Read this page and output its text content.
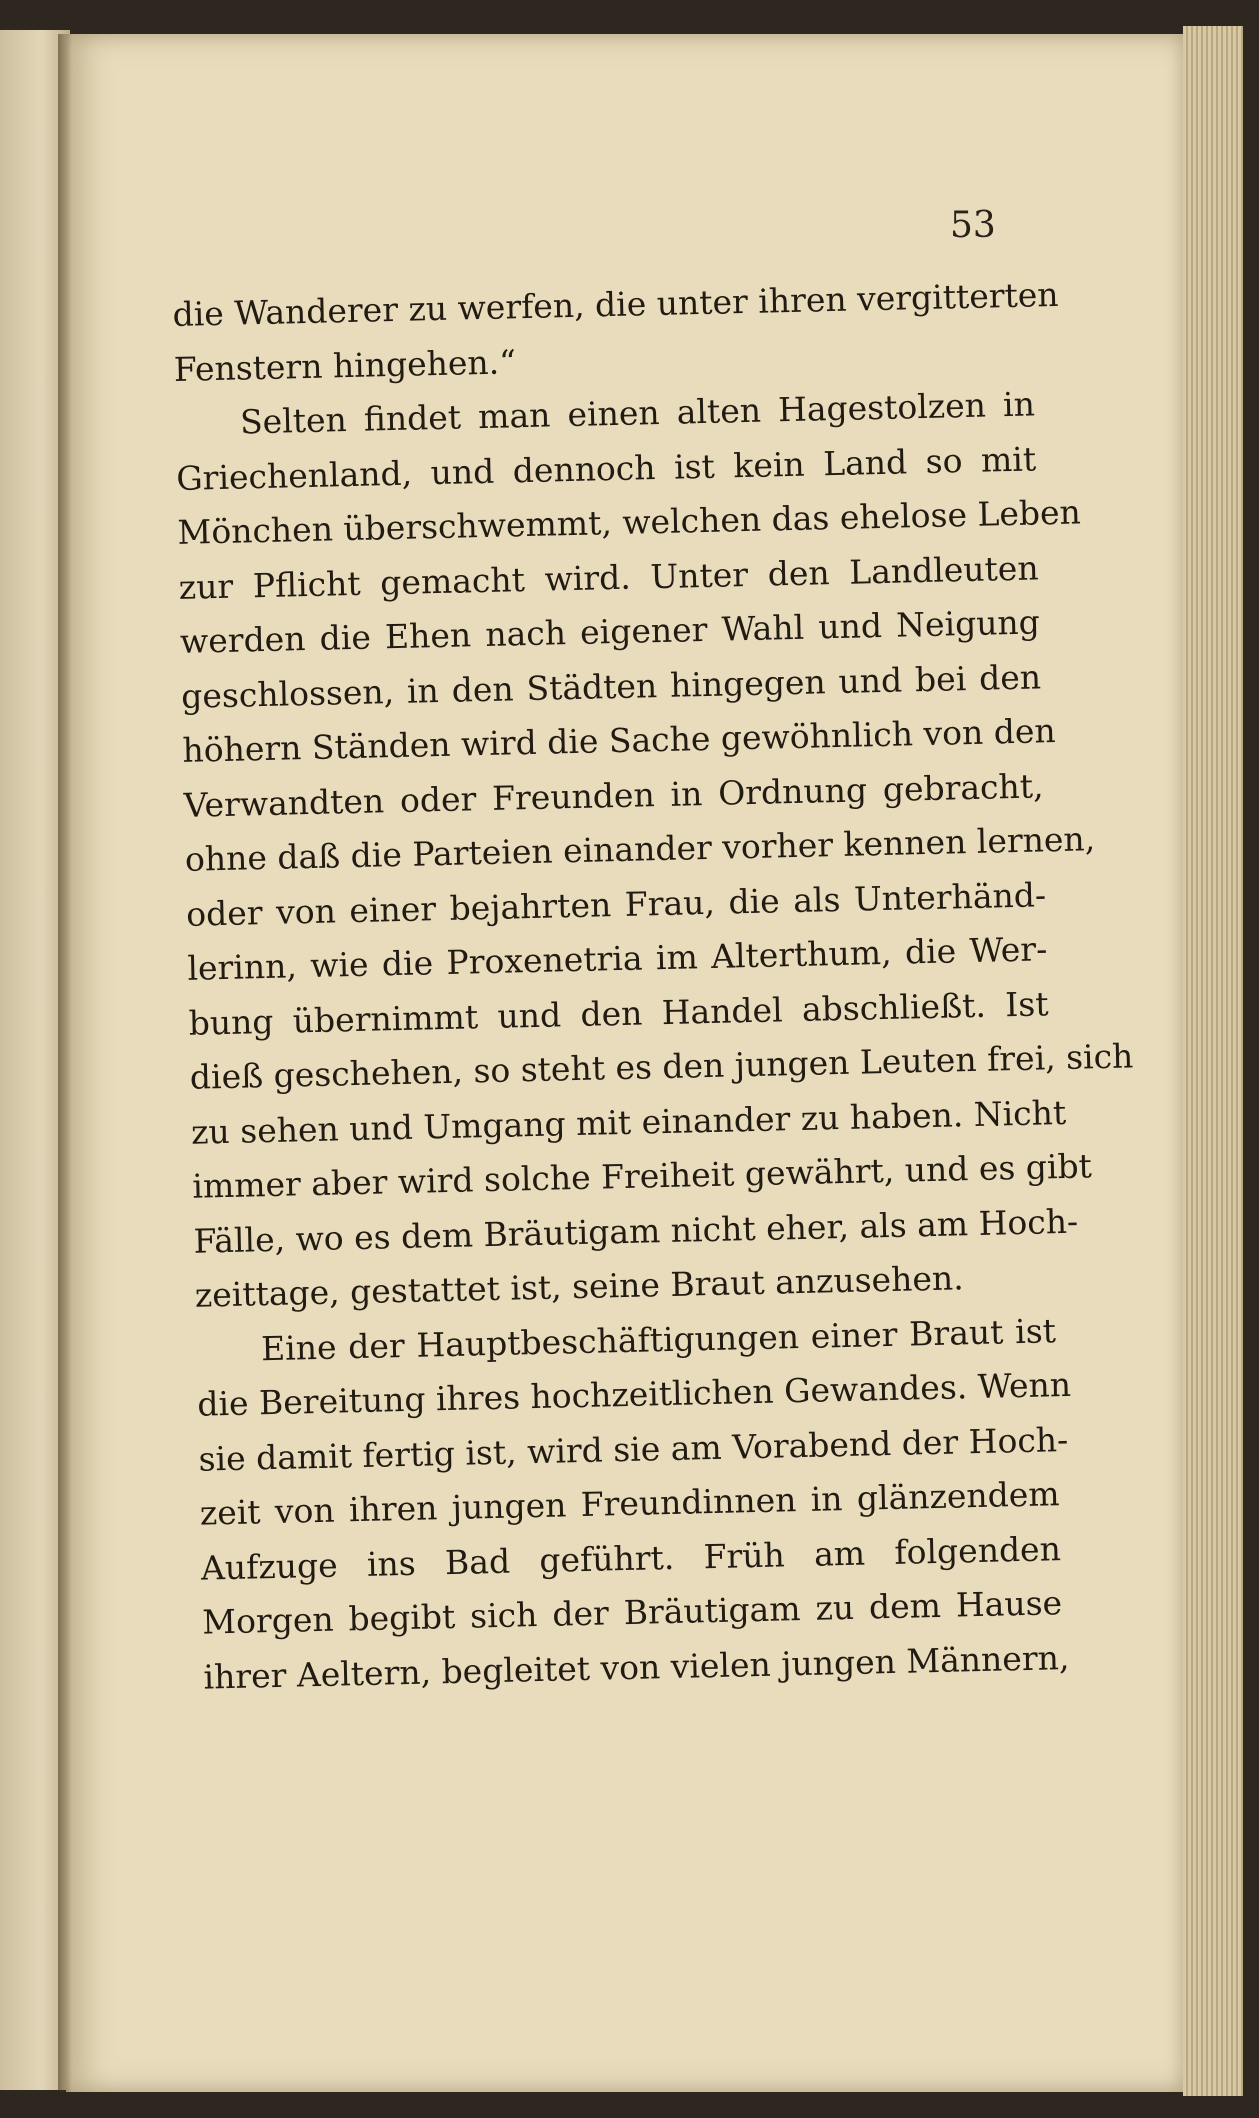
53
die Wanderer zu werfen, die unter ihren vergitterten
Fenstern hingehen.“
Selten findet man einen alten Hagestolzen in
Griechenland, und dennoch ist kein Land so mit
Mönchen überschwemmt, welchen das ehelose Leben
zur Pflicht gemacht wird. Unter den Landleuten
werden die Ehen nach eigener Wahl und Neigung
geschlossen, in den Städten hingegen und bei den
höhern Ständen wird die Sache gewöhnlich von den
Verwandten oder Freunden in Ordnung gebracht,
ohne daß die Parteien einander vorher kennen lernen,
oder von einer bejahrten Frau, die als Unterhänd-
lerinn, wie die Proxenetria im Alterthum, die Wer-
bung übernimmt und den Handel abschließt. Ist
dieß geschehen, so steht es den jungen Leuten frei, sich
zu sehen und Umgang mit einander zu haben. Nicht
immer aber wird solche Freiheit gewährt, und es gibt
Fälle, wo es dem Bräutigam nicht eher, als am Hoch-
zeittage, gestattet ist, seine Braut anzusehen.
Eine der Hauptbeschäftigungen einer Braut ist
die Bereitung ihres hochzeitlichen Gewandes. Wenn
sie damit fertig ist, wird sie am Vorabend der Hoch-
zeit von ihren jungen Freundinnen in glänzendem
Aufzuge ins Bad geführt. Früh am folgenden
Morgen begibt sich der Bräutigam zu dem Hause
ihrer Aeltern, begleitet von vielen jungen Männern,
